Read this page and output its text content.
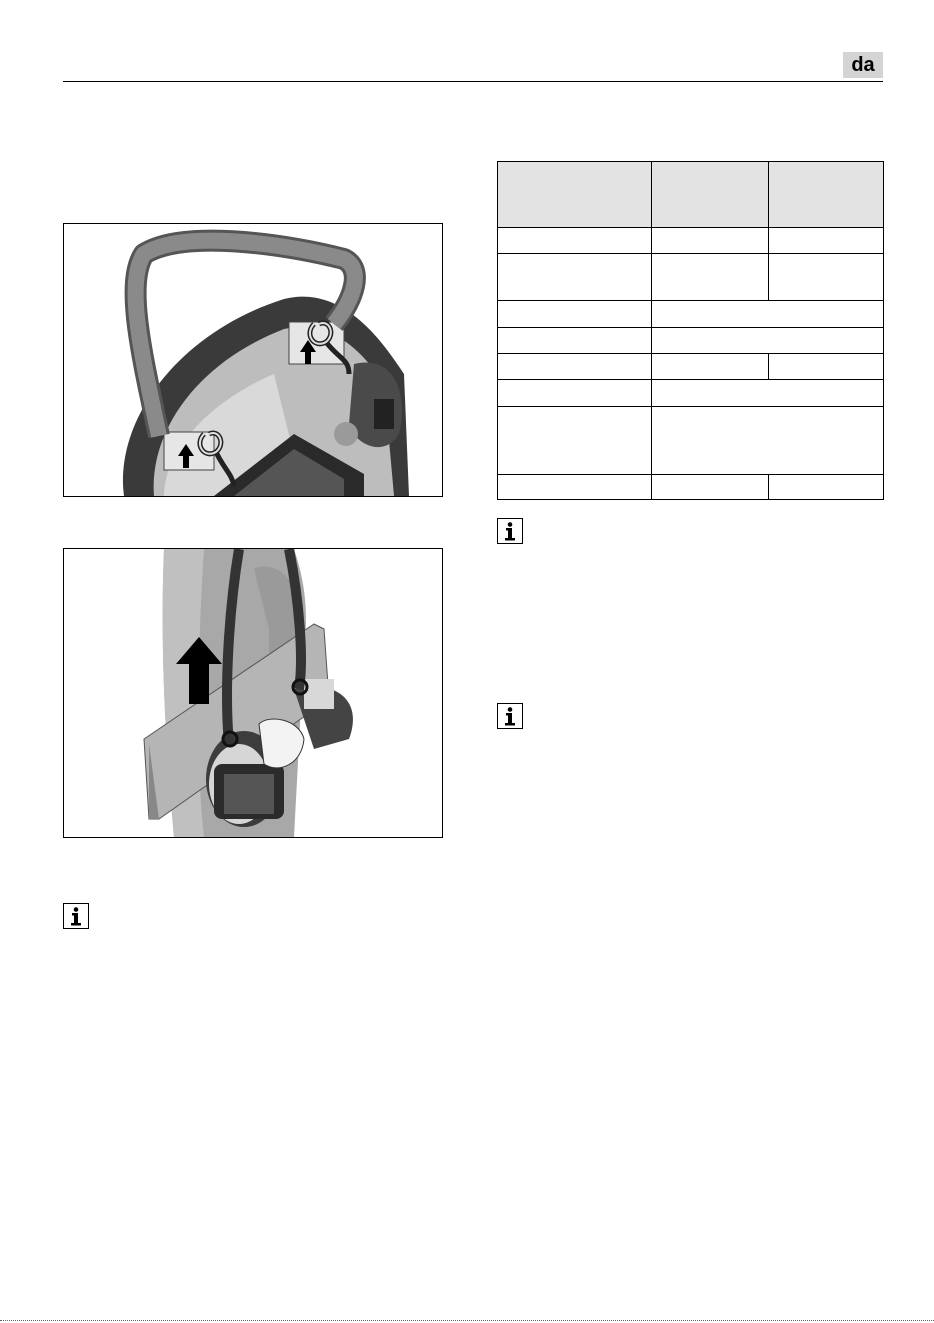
da
